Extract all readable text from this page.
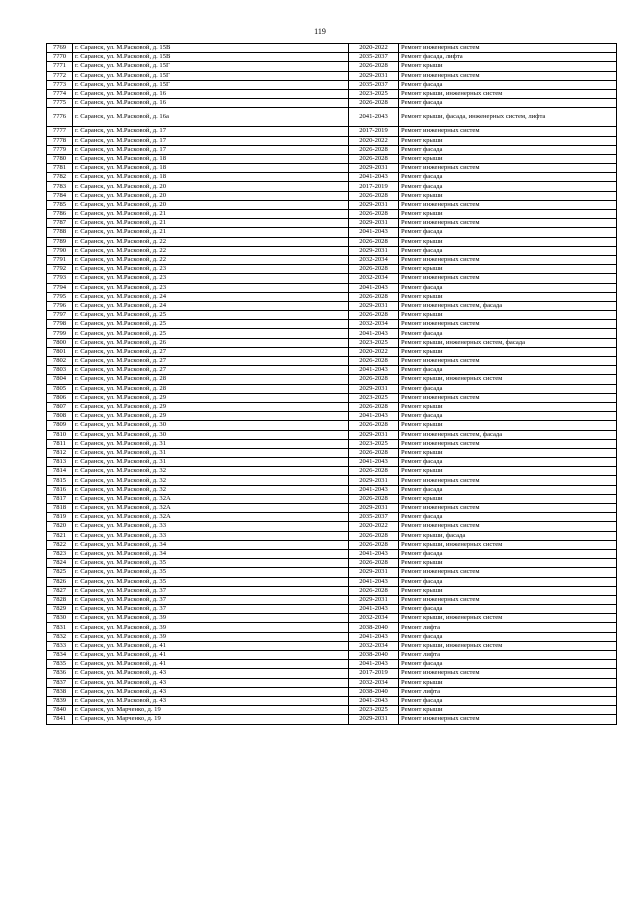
119
7769	г. Саранск, ул. М.Расковой, д. 15В	2020-2022	Ремонт инженерных систем
7770	г. Саранск, ул. М.Расковой, д. 15В	2035-2037	Ремонт фасада, лифта
7771	г. Саранск, ул. М.Расковой, д. 15Г	2026-2028	Ремонт крыши
7772	г. Саранск, ул. М.Расковой, д. 15Г	2029-2031	Ремонт инженерных систем
7773	г. Саранск, ул. М.Расковой, д. 15Г	2035-2037	Ремонт фасада
7774	г. Саранск, ул. М.Расковой, д. 16	2023-2025	Ремонт крыши, инженерных систем
7775	г. Саранск, ул. М.Расковой, д. 16	2026-2028	Ремонт фасада
7776	г. Саранск, ул. М.Расковой, д. 16а	2041-2043	Ремонт крыши, фасада, инженерных систем, лифта
7777	г. Саранск, ул. М.Расковой, д. 17	2017-2019	Ремонт инженерных систем
7778	г. Саранск, ул. М.Расковой, д. 17	2020-2022	Ремонт крыши
7779	г. Саранск, ул. М.Расковой, д. 17	2026-2028	Ремонт фасада
7780	г. Саранск, ул. М.Расковой, д. 18	2026-2028	Ремонт крыши
7781	г. Саранск, ул. М.Расковой, д. 18	2029-2031	Ремонт инженерных систем
7782	г. Саранск, ул. М.Расковой, д. 18	2041-2043	Ремонт фасада
7783	г. Саранск, ул. М.Расковой, д. 20	2017-2019	Ремонт фасада
7784	г. Саранск, ул. М.Расковой, д. 20	2026-2028	Ремонт крыши
7785	г. Саранск, ул. М.Расковой, д. 20	2029-2031	Ремонт инженерных систем
7786	г. Саранск, ул. М.Расковой, д. 21	2026-2028	Ремонт крыши
7787	г. Саранск, ул. М.Расковой, д. 21	2029-2031	Ремонт инженерных систем
7788	г. Саранск, ул. М.Расковой, д. 21	2041-2043	Ремонт фасада
7789	г. Саранск, ул. М.Расковой, д. 22	2026-2028	Ремонт крыши
7790	г. Саранск, ул. М.Расковой, д. 22	2029-2031	Ремонт фасада
7791	г. Саранск, ул. М.Расковой, д. 22	2032-2034	Ремонт инженерных систем
7792	г. Саранск, ул. М.Расковой, д. 23	2026-2028	Ремонт крыши
7793	г. Саранск, ул. М.Расковой, д. 23	2032-2034	Ремонт инженерных систем
7794	г. Саранск, ул. М.Расковой, д. 23	2041-2043	Ремонт фасада
7795	г. Саранск, ул. М.Расковой, д. 24	2026-2028	Ремонт крыши
7796	г. Саранск, ул. М.Расковой, д. 24	2029-2031	Ремонт инженерных систем, фасада
7797	г. Саранск, ул. М.Расковой, д. 25	2026-2028	Ремонт крыши
7798	г. Саранск, ул. М.Расковой, д. 25	2032-2034	Ремонт инженерных систем
7799	г. Саранск, ул. М.Расковой, д. 25	2041-2043	Ремонт фасада
7800	г. Саранск, ул. М.Расковой, д. 26	2023-2025	Ремонт крыши, инженерных систем, фасада
7801	г. Саранск, ул. М.Расковой, д. 27	2020-2022	Ремонт крыши
7802	г. Саранск, ул. М.Расковой, д. 27	2026-2028	Ремонт инженерных систем
7803	г. Саранск, ул. М.Расковой, д. 27	2041-2043	Ремонт фасада
7804	г. Саранск, ул. М.Расковой, д. 28	2026-2028	Ремонт крыши, инженерных систем
7805	г. Саранск, ул. М.Расковой, д. 28	2029-2031	Ремонт фасада
7806	г. Саранск, ул. М.Расковой, д. 29	2023-2025	Ремонт инженерных систем
7807	г. Саранск, ул. М.Расковой, д. 29	2026-2028	Ремонт крыши
7808	г. Саранск, ул. М.Расковой, д. 29	2041-2043	Ремонт фасада
7809	г. Саранск, ул. М.Расковой, д. 30	2026-2028	Ремонт крыши
7810	г. Саранск, ул. М.Расковой, д. 30	2029-2031	Ремонт инженерных систем, фасада
7811	г. Саранск, ул. М.Расковой, д. 31	2023-2025	Ремонт инженерных систем
7812	г. Саранск, ул. М.Расковой, д. 31	2026-2028	Ремонт крыши
7813	г. Саранск, ул. М.Расковой, д. 31	2041-2043	Ремонт фасада
7814	г. Саранск, ул. М.Расковой, д. 32	2026-2028	Ремонт крыши
7815	г. Саранск, ул. М.Расковой, д. 32	2029-2031	Ремонт инженерных систем
7816	г. Саранск, ул. М.Расковой, д. 32	2041-2043	Ремонт фасада
7817	г. Саранск, ул. М.Расковой, д. 32А	2026-2028	Ремонт крыши
7818	г. Саранск, ул. М.Расковой, д. 32А	2029-2031	Ремонт инженерных систем
7819	г. Саранск, ул. М.Расковой, д. 32А	2035-2037	Ремонт фасада
7820	г. Саранск, ул. М.Расковой, д. 33	2020-2022	Ремонт инженерных систем
7821	г. Саранск, ул. М.Расковой, д. 33	2026-2028	Ремонт крыши, фасада
7822	г. Саранск, ул. М.Расковой, д. 34	2026-2028	Ремонт крыши, инженерных систем
7823	г. Саранск, ул. М.Расковой, д. 34	2041-2043	Ремонт фасада
7824	г. Саранск, ул. М.Расковой, д. 35	2026-2028	Ремонт крыши
7825	г. Саранск, ул. М.Расковой, д. 35	2029-2031	Ремонт инженерных систем
7826	г. Саранск, ул. М.Расковой, д. 35	2041-2043	Ремонт фасада
7827	г. Саранск, ул. М.Расковой, д. 37	2026-2028	Ремонт крыши
7828	г. Саранск, ул. М.Расковой, д. 37	2029-2031	Ремонт инженерных систем
7829	г. Саранск, ул. М.Расковой, д. 37	2041-2043	Ремонт фасада
7830	г. Саранск, ул. М.Расковой, д. 39	2032-2034	Ремонт крыши, инженерных систем
7831	г. Саранск, ул. М.Расковой, д. 39	2038-2040	Ремонт лифта
7832	г. Саранск, ул. М.Расковой, д. 39	2041-2043	Ремонт фасада
7833	г. Саранск, ул. М.Расковой, д. 41	2032-2034	Ремонт крыши, инженерных систем
7834	г. Саранск, ул. М.Расковой, д. 41	2038-2040	Ремонт лифта
7835	г. Саранск, ул. М.Расковой, д. 41	2041-2043	Ремонт фасада
7836	г. Саранск, ул. М.Расковой, д. 43	2017-2019	Ремонт инженерных систем
7837	г. Саранск, ул. М.Расковой, д. 43	2032-2034	Ремонт крыши
7838	г. Саранск, ул. М.Расковой, д. 43	2038-2040	Ремонт лифта
7839	г. Саранск, ул. М.Расковой, д. 43	2041-2043	Ремонт фасада
7840	г. Саранск, ул. Марченко, д. 19	2023-2025	Ремонт крыши
7841	г. Саранск, ул. Марченко, д. 19	2029-2031	Ремонт инженерных систем
